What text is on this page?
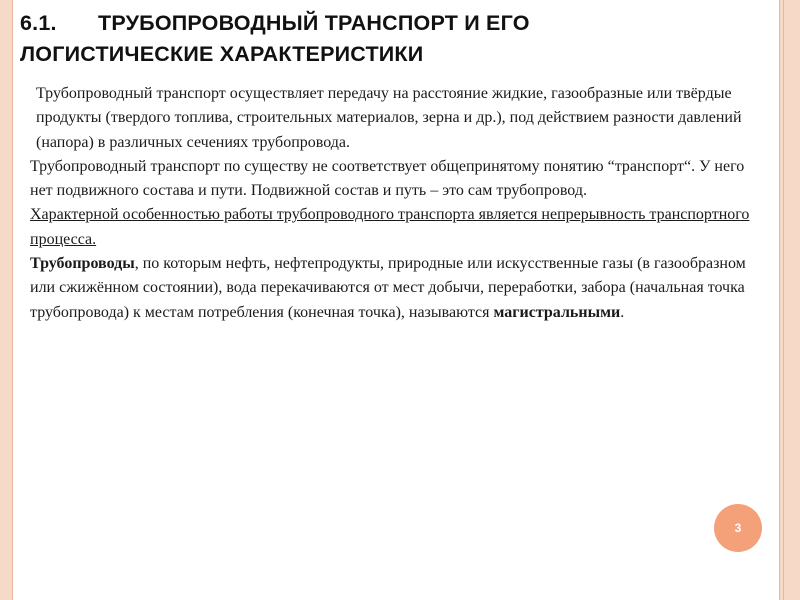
6.1. ТРУБОПРОВОДНЫЙ ТРАНСПОРТ И ЕГО
ЛОГИСТИЧЕСКИЕ ХАРАКТЕРИСТИКИ

Трубопроводный транспорт осуществляет передачу на расстояние жидкие, газообразные или твёрдые продукты (твердого топлива, строительных материалов, зерна и др.), под действием разности давлений (напора) в различных сечениях трубопровода.

Трубопроводный транспорт по существу не соответствует общепринятому понятию “транспорт“. У него нет подвижного состава и пути. Подвижной состав и путь – это сам трубопровод.

Характерной особенностью работы трубопроводного транспорта является непрерывность транспортного процесса.

Трубопроводы, по которым нефть, нефтепродукты, природные или искусственные газы (в газообразном или сжижённом состоянии), вода перекачиваются от мест добычи, переработки, забора (начальная точка трубопровода) к местам потребления (конечная точка), называются магистральными.

3
